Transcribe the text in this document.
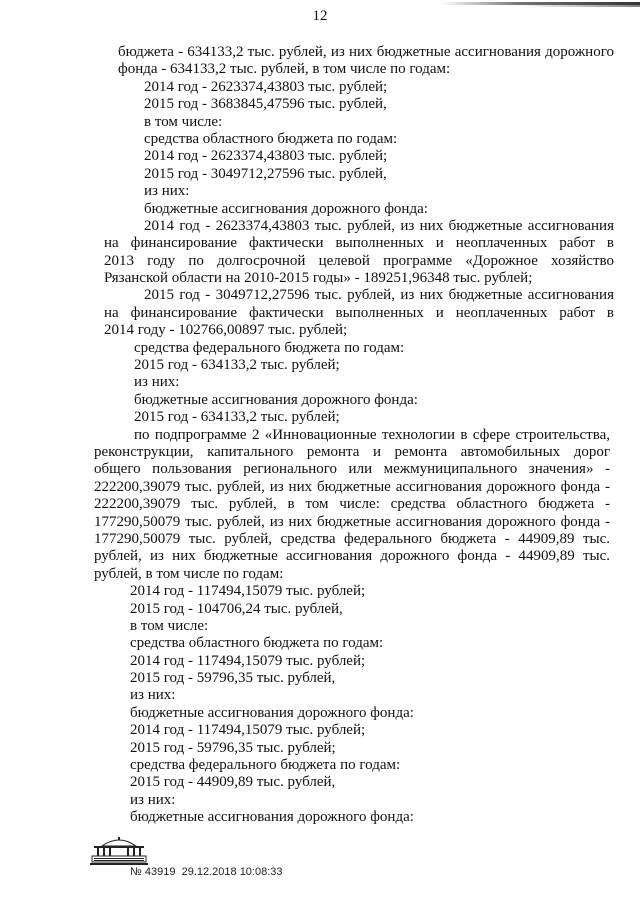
12
бюджета - 634133,2 тыс. рублей, из них бюджетные ассигнования дорожного
фонда - 634133,2 тыс. рублей, в том числе по годам:
2014 год - 2623374,43803 тыс. рублей;
2015 год - 3683845,47596 тыс. рублей,
в том числе:
средства областного бюджета по годам:
2014 год - 2623374,43803 тыс. рублей;
2015 год - 3049712,27596 тыс. рублей,
из них:
бюджетные ассигнования дорожного фонда:
2014 год - 2623374,43803 тыс. рублей, из них бюджетные ассигнования
на финансирование фактически выполненных и неоплаченных работ в
2013 году по долгосрочной целевой программе «Дорожное хозяйство
Рязанской области на 2010-2015 годы» - 189251,96348 тыс. рублей;
2015 год - 3049712,27596 тыс. рублей, из них бюджетные ассигнования
на финансирование фактически выполненных и неоплаченных работ в
2014 году - 102766,00897 тыс. рублей;
средства федерального бюджета по годам:
2015 год - 634133,2 тыс. рублей;
из них:
бюджетные ассигнования дорожного фонда:
2015 год - 634133,2 тыс. рублей;
по подпрограмме 2 «Инновационные технологии в сфере строительства,
реконструкции, капитального ремонта и ремонта автомобильных дорог
общего пользования регионального или межмуниципального значения» -
222200,39079 тыс. рублей, из них бюджетные ассигнования дорожного фонда -
222200,39079 тыс. рублей, в том числе: средства областного бюджета -
177290,50079 тыс. рублей, из них бюджетные ассигнования дорожного фонда -
177290,50079 тыс. рублей, средства федерального бюджета - 44909,89 тыс.
рублей, из них бюджетные ассигнования дорожного фонда - 44909,89 тыс.
рублей, в том числе по годам:
2014 год - 117494,15079 тыс. рублей;
2015 год - 104706,24 тыс. рублей,
в том числе:
средства областного бюджета по годам:
2014 год - 117494,15079 тыс. рублей;
2015 год - 59796,35 тыс. рублей,
из них:
бюджетные ассигнования дорожного фонда:
2014 год - 117494,15079 тыс. рублей;
2015 год - 59796,35 тыс. рублей;
средства федерального бюджета по годам:
2015 год - 44909,89 тыс. рублей,
из них:
бюджетные ассигнования дорожного фонда:
№ 43919 29.12.2018 10:08:33
